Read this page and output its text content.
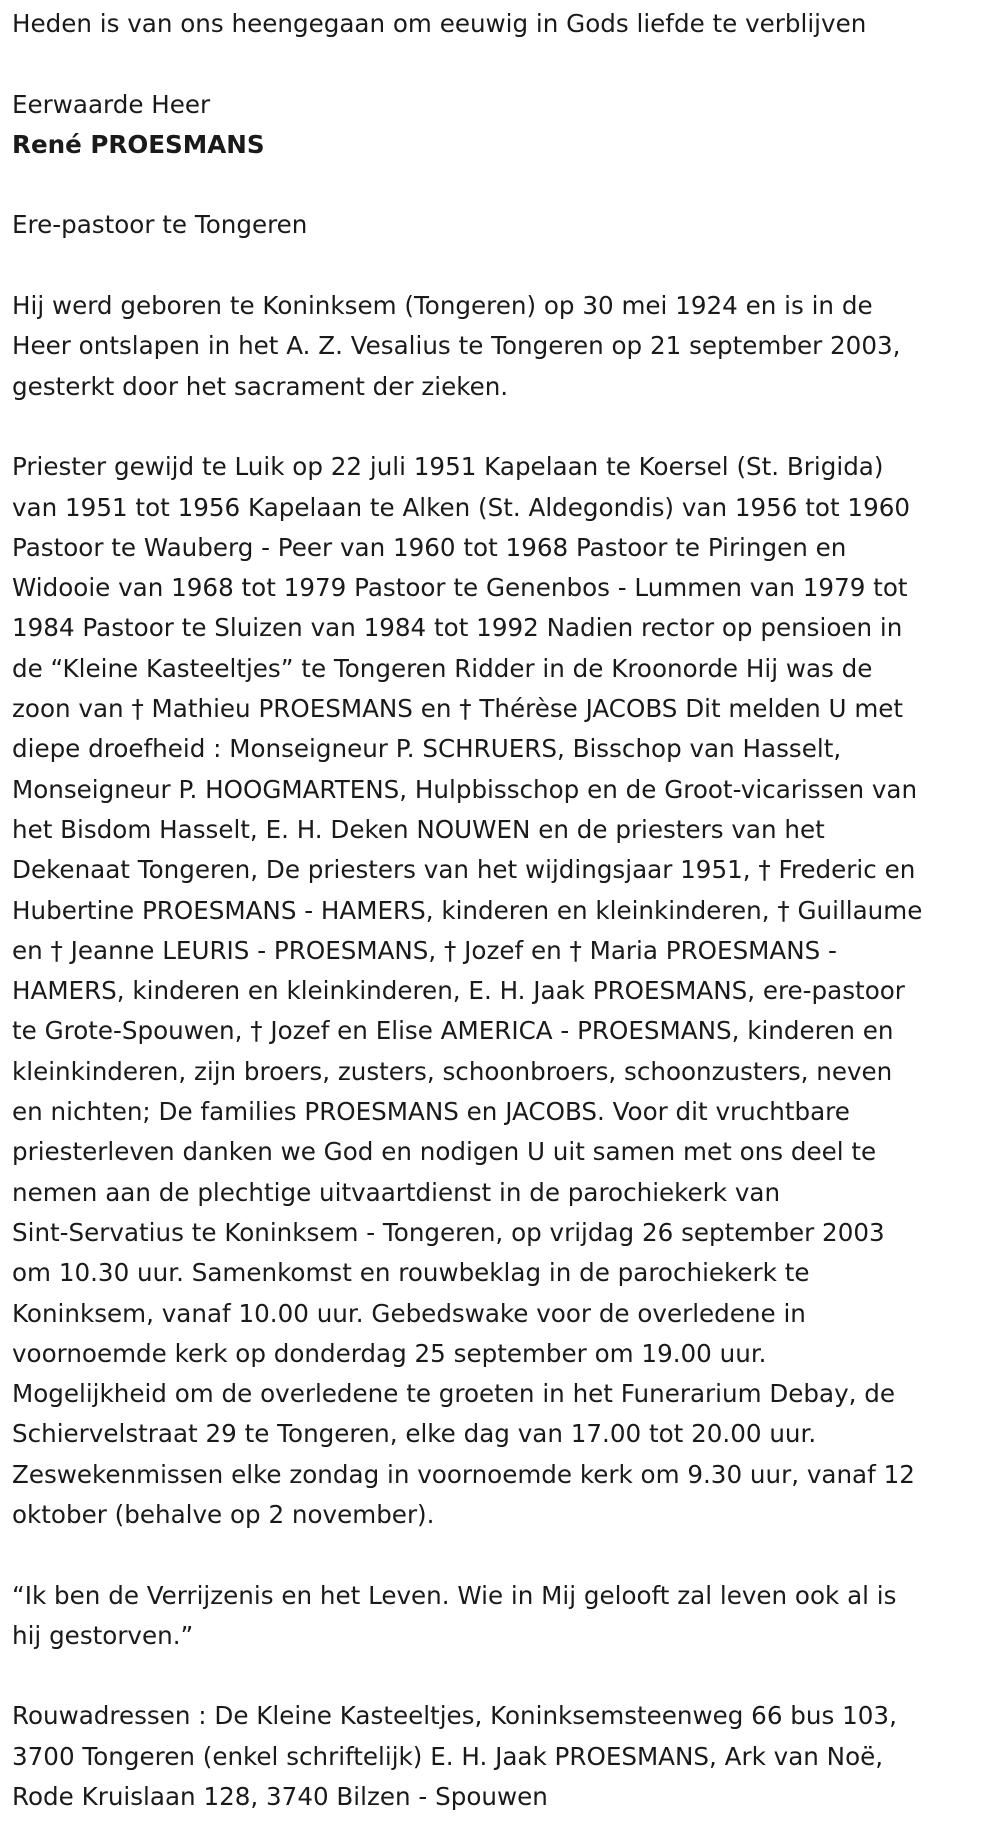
Heden is van ons heengegaan om eeuwig in Gods liefde te verblijven
Eerwaarde Heer
René PROESMANS
Ere-pastoor te Tongeren
Hij werd geboren te Koninksem (Tongeren) op 30 mei 1924 en is in de
Heer ontslapen in het A. Z. Vesalius te Tongeren op 21 september 2003,
gesterkt door het sacrament der zieken.
Priester gewijd te Luik op 22 juli 1951 Kapelaan te Koersel (St. Brigida)
van 1951 tot 1956 Kapelaan te Alken (St. Aldegondis) van 1956 tot 1960
Pastoor te Wauberg - Peer van 1960 tot 1968 Pastoor te Piringen en
Widooie van 1968 tot 1979 Pastoor te Genenbos - Lummen van 1979 tot
1984 Pastoor te Sluizen van 1984 tot 1992 Nadien rector op pensioen in
de “Kleine Kasteeltjes” te Tongeren Ridder in de Kroonorde Hij was de
zoon van † Mathieu PROESMANS en † Thérèse JACOBS Dit melden U met
diepe droefheid : Monseigneur P. SCHRUERS, Bisschop van Hasselt,
Monseigneur P. HOOGMARTENS, Hulpbisschop en de Groot-vicarissen van
het Bisdom Hasselt, E. H. Deken NOUWEN en de priesters van het
Dekenaat Tongeren, De priesters van het wijdingsjaar 1951, † Frederic en
Hubertine PROESMANS - HAMERS, kinderen en kleinkinderen, † Guillaume
en † Jeanne LEURIS - PROESMANS, † Jozef en † Maria PROESMANS -
HAMERS, kinderen en kleinkinderen, E. H. Jaak PROESMANS, ere-pastoor
te Grote-Spouwen, † Jozef en Elise AMERICA - PROESMANS, kinderen en
kleinkinderen, zijn broers, zusters, schoonbroers, schoonzusters, neven
en nichten; De families PROESMANS en JACOBS. Voor dit vruchtbare
priesterleven danken we God en nodigen U uit samen met ons deel te
nemen aan de plechtige uitvaartdienst in de parochiekerk van
Sint-Servatius te Koninksem - Tongeren, op vrijdag 26 september 2003
om 10.30 uur. Samenkomst en rouwbeklag in de parochiekerk te
Koninksem, vanaf 10.00 uur. Gebedswake voor de overledene in
voornoemde kerk op donderdag 25 september om 19.00 uur.
Mogelijkheid om de overledene te groeten in het Funerarium Debay, de
Schiervelstraat 29 te Tongeren, elke dag van 17.00 tot 20.00 uur.
Zeswekenmissen elke zondag in voornoemde kerk om 9.30 uur, vanaf 12
oktober (behalve op 2 november).
“Ik ben de Verrijzenis en het Leven. Wie in Mij gelooft zal leven ook al is
hij gestorven.”
Rouwadressen : De Kleine Kasteeltjes, Koninksemsteenweg 66 bus 103,
3700 Tongeren (enkel schriftelijk) E. H. Jaak PROESMANS, Ark van Noë,
Rode Kruislaan 128, 3740 Bilzen - Spouwen
